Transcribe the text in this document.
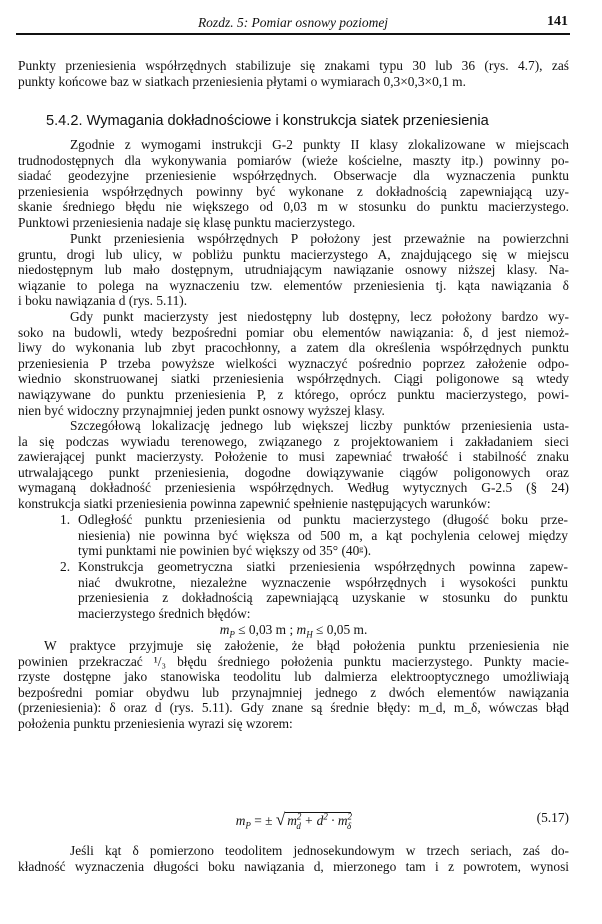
Rozdz. 5: Pomiar osnowy poziomej	141
Punkty przeniesienia współrzędnych stabilizuje się znakami typu 30 lub 36 (rys. 4.7), zaś
punkty końcowe baz w siatkach przeniesienia płytami o wymiarach 0,3×0,3×0,1 m.
5.4.2. Wymagania dokładnościowe i konstrukcja siatek przeniesienia
Zgodnie z wymogami instrukcji G-2 punkty II klasy zlokalizowane w miejscach
trudnodostępnych dla wykonywania pomiarów (wieże kościelne, maszty itp.) powinny po-
siadać geodezyjne przeniesienie współrzędnych. Obserwacje dla wyznaczenia punktu
przeniesienia współrzędnych powinny być wykonane z dokładnością zapewniającą uzy-
skanie średniego błędu nie większego od 0,03 m w stosunku do punktu macierzystego.
Punktowi przeniesienia nadaje się klasę punktu macierzystego.
Punkt przeniesienia współrzędnych P położony jest przeważnie na powierzchni
gruntu, drogi lub ulicy, w pobliżu punktu macierzystego A, znajdującego się w miejscu
niedostępnym lub mało dostępnym, utrudniającym nawiązanie osnowy niższej klasy. Na-
wiązanie to polega na wyznaczeniu tzw. elementów przeniesienia tj. kąta nawiązania δ
i boku nawiązania d (rys. 5.11).
Gdy punkt macierzysty jest niedostępny lub dostępny, lecz położony bardzo wy-
soko na budowli, wtedy bezpośredni pomiar obu elementów nawiązania: δ, d jest niemoż-
liwy do wykonania lub zbyt pracochłonny, a zatem dla określenia współrzędnych punktu
przeniesienia P trzeba powyższe wielkości wyznaczyć pośrednio poprzez założenie odpo-
wiednio skonstruowanej siatki przeniesienia współrzędnych. Ciągi poligonowe są wtedy
nawiązywane do punktu przeniesienia P, z którego, oprócz punktu macierzystego, powi-
nien być widoczny przynajmniej jeden punkt osnowy wyższej klasy.
Szczegółową lokalizację jednego lub większej liczby punktów przeniesienia usta-
la się podczas wywiadu terenowego, związanego z projektowaniem i zakładaniem sieci
zawierającej punkt macierzysty. Położenie to musi zapewniać trwałość i stabilność znaku
utrwalającego punkt przeniesienia, dogodne dowiązywanie ciągów poligonowych oraz
wymaganą dokładność przeniesienia współrzędnych. Według wytycznych G-2.5 (§ 24)
konstrukcja siatki przeniesienia powinna zapewnić spełnienie następujących warunków:
1. Odległość punktu przeniesienia od punktu macierzystego (długość boku prze-
niesienia) nie powinna być większa od 500 m, a kąt pochylenia celowej między
tymi punktami nie powinien być większy od 35° (40ᵍ).
2. Konstrukcja geometryczna siatki przeniesienia współrzędnych powinna zapew-
niać dwukrotne, niezależne wyznaczenie współrzędnych i wysokości punktu
przeniesienia z dokładnością zapewniającą uzyskanie w stosunku do punktu
macierzystego średnich błędów:
$m_P \le 0,03$ m ; $m_H \le 0,05$ m.
W praktyce przyjmuje się założenie, że błąd położenia punktu przeniesienia nie
powinien przekraczać ¹/₃ błędu średniego położenia punktu macierzystego. Punkty macie-
rzyste dostępne jako stanowiska teodolitu lub dalmierza elektrooptycznego umożliwiają
bezpośredni pomiar obydwu lub przynajmniej jednego z dwóch elementów nawiązania
(przeniesienia): δ oraz d (rys. 5.11). Gdy znane są średnie błędy: m_d, m_δ, wówczas błąd
położenia punktu przeniesienia wyrazi się wzorem:
$m_P$ = ± √ $m^2_d + d^2 \cdot m^2_\delta$
(5.17)
Jeśli kąt δ pomierzono teodolitem jednosekundowym w trzech seriach, zaś do-
kładność wyznaczenia długości boku nawiązania d, mierzonego tam i z powrotem, wynosi
